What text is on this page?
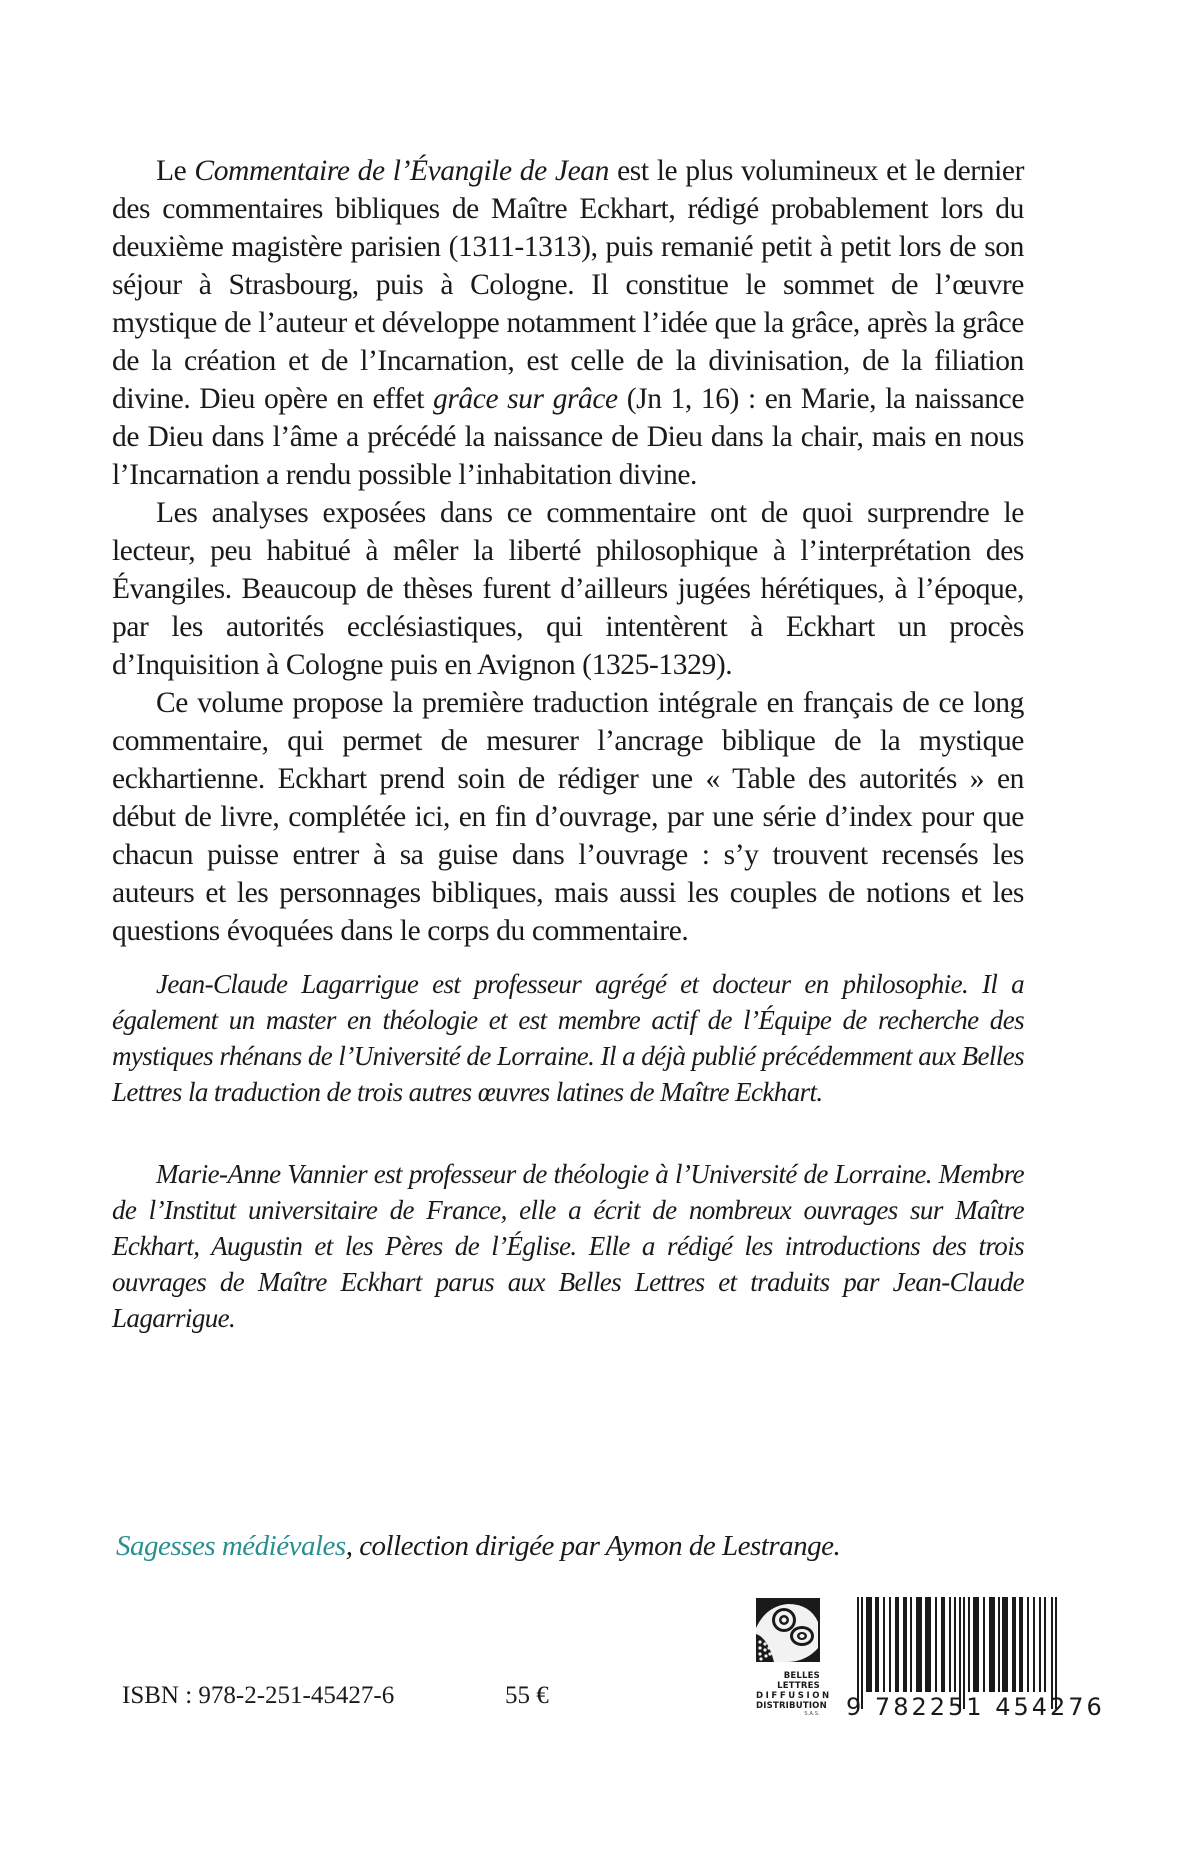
Le Commentaire de l’Évangile de Jean est le plus volumineux et le dernier des commentaires bibliques de Maître Eckhart, rédigé probablement lors du deuxième magistère parisien (1311-1313), puis remanié petit à petit lors de son séjour à Strasbourg, puis à Cologne. Il constitue le sommet de l’œuvre mystique de l’auteur et développe notamment l’idée que la grâce, après la grâce de la création et de l’Incarnation, est celle de la divinisation, de la filiation divine. Dieu opère en effet grâce sur grâce (Jn 1, 16) : en Marie, la naissance de Dieu dans l’âme a précédé la naissance de Dieu dans la chair, mais en nous l’Incarnation a rendu possible l’inhabitation divine.

Les analyses exposées dans ce commentaire ont de quoi surprendre le lecteur, peu habitué à mêler la liberté philosophique à l’interprétation des Évangiles. Beaucoup de thèses furent d’ailleurs jugées hérétiques, à l’époque, par les autorités ecclésiastiques, qui intentèrent à Eckhart un procès d’Inquisition à Cologne puis en Avignon (1325-1329).

Ce volume propose la première traduction intégrale en français de ce long commentaire, qui permet de mesurer l’ancrage biblique de la mystique eckhartienne. Eckhart prend soin de rédiger une « Table des autorités » en début de livre, complétée ici, en fin d’ouvrage, par une série d’index pour que chacun puisse entrer à sa guise dans l’ouvrage : s’y trouvent recensés les auteurs et les personnages bibliques, mais aussi les couples de notions et les questions évoquées dans le corps du commentaire.

Jean-Claude Lagarrigue est professeur agrégé et docteur en philosophie. Il a également un master en théologie et est membre actif de l’Équipe de recherche des mystiques rhénans de l’Université de Lorraine. Il a déjà publié précédemment aux Belles Lettres la traduction de trois autres œuvres latines de Maître Eckhart.

Marie-Anne Vannier est professeur de théologie à l’Université de Lorraine. Membre de l’Institut universitaire de France, elle a écrit de nombreux ouvrages sur Maître Eckhart, Augustin et les Pères de l’Église. Elle a rédigé les introductions des trois ouvrages de Maître Eckhart parus aux Belles Lettres et traduits par Jean-Claude Lagarrigue.

Sagesses médiévales, collection dirigée par Aymon de Lestrange.
ISBN : 978-2-251-45427-6	55 €
BELLES LETTRES
DIFFUSION
DISTRIBUTION
S.A.S. 9 782251 454276
